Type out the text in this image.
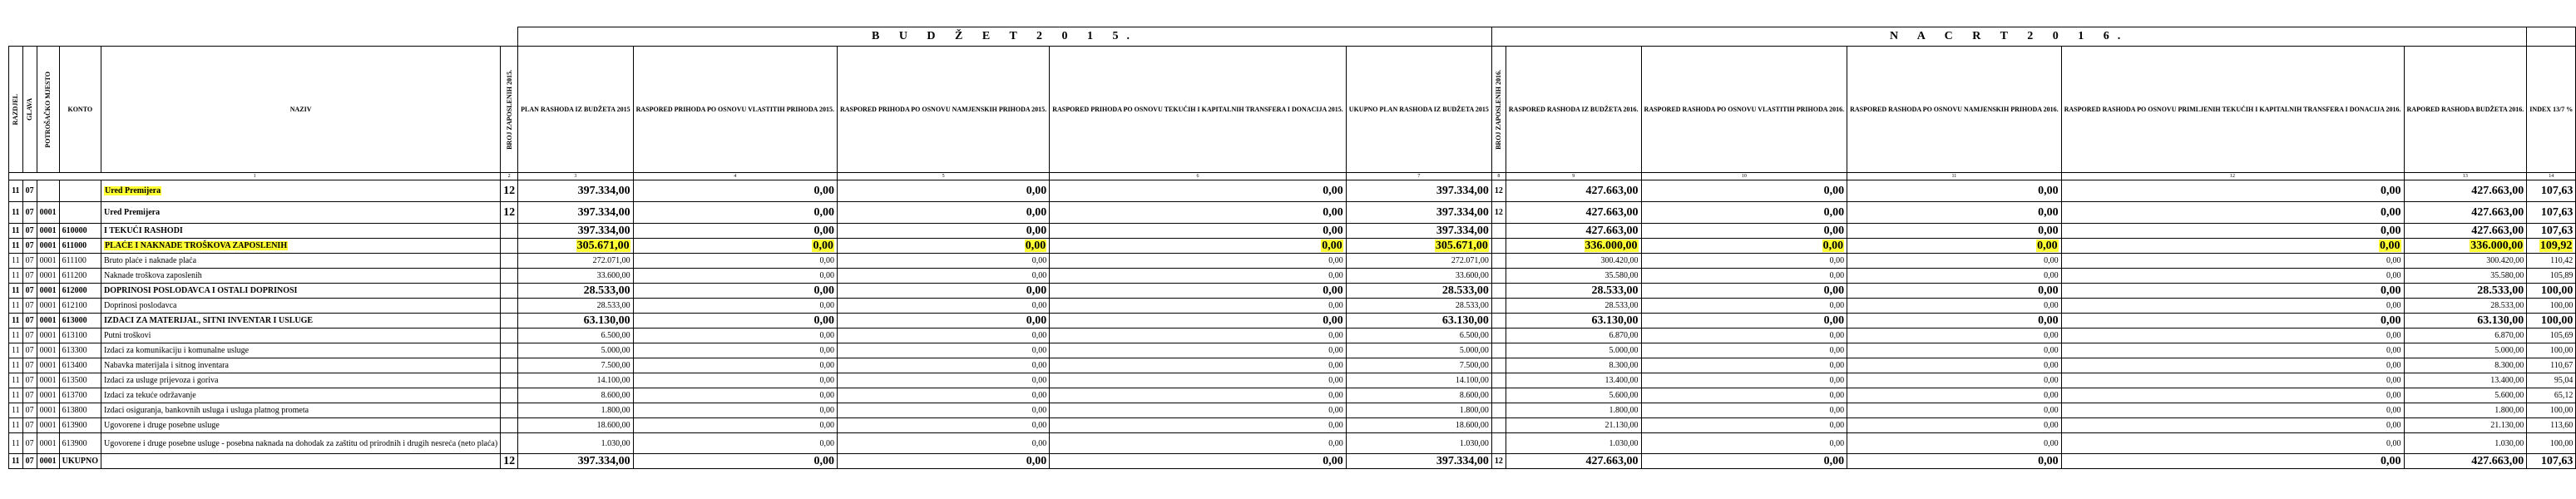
						B U D Ž E T 2 0 1 5.					N A C R T 2 0 1 6.						

RAZDJEL	GLAVA	POTROŠAČKO MJESTO	KONTO	NAZIV	BROJ ZAPOSLENIH 2015.	PLAN RASHODA IZ BUDŽETA 2015	RASPORED PRIHODA PO OSNOVU VLASTITIH PRIHODA 2015.	RASPORED PRIHODA PO OSNOVU NAMJENSKIH PRIHODA 2015.	RASPORED PRIHODA PO OSNOVU TEKUĆIH I KAPITALNIH TRANSFERA I DONACIJA 2015.	UKUPNO PLAN RASHODA IZ BUDŽETA 2015	BROJ ZAPOSLENIH 2016.	RASPORED RASHODA IZ BUDŽETA 2016.	RASPORED RASHODA PO OSNOVU VLASTITIH PRIHODA 2016.	RASPORED RASHODA PO OSNOVU NAMJENSKIH PRIHODA 2016.	RASPORED RASHODA PO OSNOVU PRIMLJENIH TEKUĆIH I KAPITALNIH TRANSFERA I DONACIJA 2016.	RAPORED RASHODA BUDŽETA 2016.	INDEX 13/7 %
1					2	3	4	5	6	7	8	9	10	11	12	13	14
11	07			Ured Premijera	12	397.334,00	0,00	0,00	0,00	397.334,00	12	427.663,00	0,00	0,00	0,00	427.663,00	107,63
11	07	0001		Ured Premijera	12	397.334,00	0,00	0,00	0,00	397.334,00	12	427.663,00	0,00	0,00	0,00	427.663,00	107,63
11	07	0001	610000	I TEKUĆI RASHODI		397.334,00	0,00	0,00	0,00	397.334,00		427.663,00	0,00	0,00	0,00	427.663,00	107,63
11	07	0001	611000	PLAĆE I NAKNADE TROŠKOVA ZAPOSLENIH		305.671,00	0,00	0,00	0,00	305.671,00		336.000,00	0,00	0,00	0,00	336.000,00	109,92
11	07	0001	611100	Bruto plaće i naknade plaća		272.071,00	0,00	0,00	0,00	272.071,00		300.420,00	0,00	0,00	0,00	300.420,00	110,42
11	07	0001	611200	Naknade troškova zaposlenih		33.600,00	0,00	0,00	0,00	33.600,00		35.580,00	0,00	0,00	0,00	35.580,00	105,89
11	07	0001	612000	DOPRINOSI POSLODAVCA I OSTALI DOPRINOSI		28.533,00	0,00	0,00	0,00	28.533,00		28.533,00	0,00	0,00	0,00	28.533,00	100,00
11	07	0001	612100	Doprinosi poslodavca		28.533,00	0,00	0,00	0,00	28.533,00		28.533,00	0,00	0,00	0,00	28.533,00	100,00
11	07	0001	613000	IZDACI ZA MATERIJAL, SITNI INVENTAR I USLUGE		63.130,00	0,00	0,00	0,00	63.130,00		63.130,00	0,00	0,00	0,00	63.130,00	100,00
11	07	0001	613100	Putni troškovi		6.500,00	0,00	0,00	0,00	6.500,00		6.870,00	0,00	0,00	0,00	6.870,00	105,69
11	07	0001	613300	Izdaci za komunikaciju i komunalne usluge		5.000,00	0,00	0,00	0,00	5.000,00		5.000,00	0,00	0,00	0,00	5.000,00	100,00
11	07	0001	613400	Nabavka materijala i sitnog inventara		7.500,00	0,00	0,00	0,00	7.500,00		8.300,00	0,00	0,00	0,00	8.300,00	110,67
11	07	0001	613500	Izdaci za usluge prijevoza i goriva		14.100,00	0,00	0,00	0,00	14.100,00		13.400,00	0,00	0,00	0,00	13.400,00	95,04
11	07	0001	613700	Izdaci za tekuće održavanje		8.600,00	0,00	0,00	0,00	8.600,00		5.600,00	0,00	0,00	0,00	5.600,00	65,12
11	07	0001	613800	Izdaci osiguranja, bankovnih usluga i usluga platnog prometa		1.800,00	0,00	0,00	0,00	1.800,00		1.800,00	0,00	0,00	0,00	1.800,00	100,00
11	07	0001	613900	Ugovorene i druge posebne usluge		18.600,00	0,00	0,00	0,00	18.600,00		21.130,00	0,00	0,00	0,00	21.130,00	113,60
11	07	0001	613900	Ugovorene i druge posebne usluge - posebna naknada na dohodak za zaštitu od prirodnih i drugih nesreća (neto plaća)		1.030,00	0,00	0,00	0,00	1.030,00		1.030,00	0,00	0,00	0,00	1.030,00	100,00
11	07	0001	UKUPNO		12	397.334,00	0,00	0,00	0,00	397.334,00	12	427.663,00	0,00	0,00	0,00	427.663,00	107,63
